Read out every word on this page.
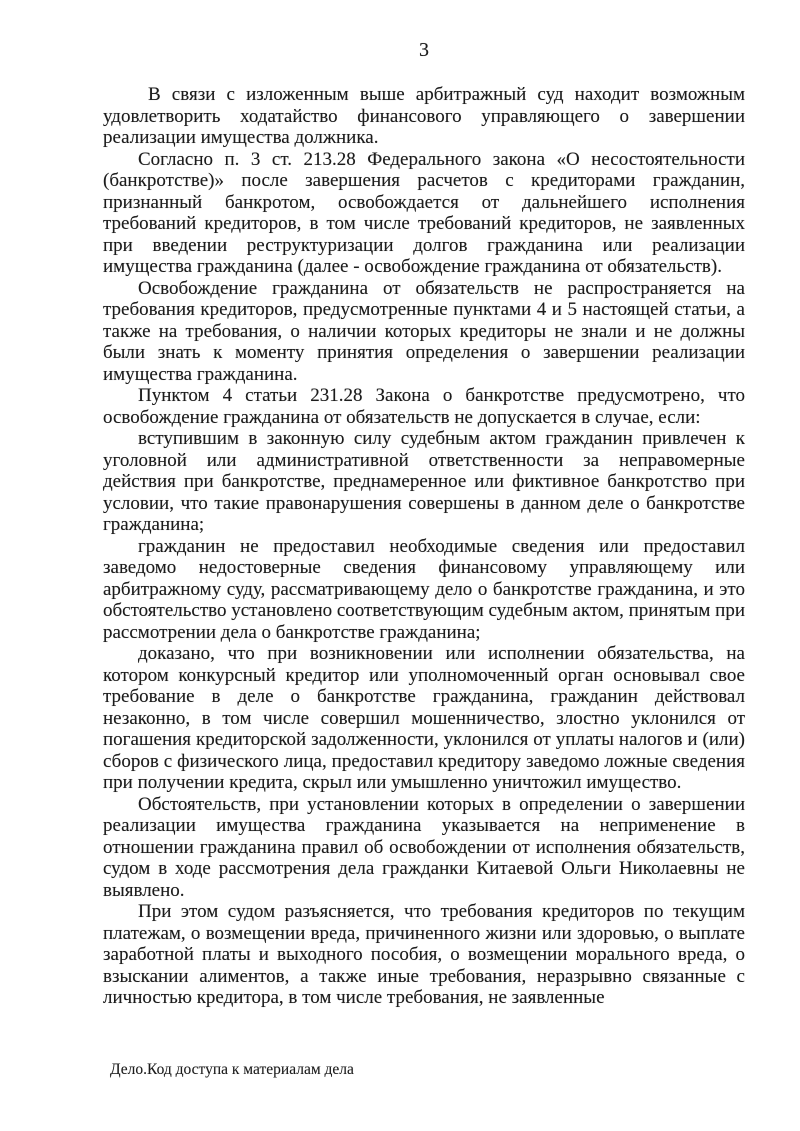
3

В связи с изложенным выше арбитражный суд находит возможным удовлетворить ходатайство финансового управляющего о завершении реализации имущества должника.

Согласно п. 3 ст. 213.28 Федерального закона «О несостоятельности (банкротстве)» после завершения расчетов с кредиторами гражданин, признанный банкротом, освобождается от дальнейшего исполнения требований кредиторов, в том числе требований кредиторов, не заявленных при введении реструктуризации долгов гражданина или реализации имущества гражданина (далее - освобождение гражданина от обязательств).

Освобождение гражданина от обязательств не распространяется на требования кредиторов, предусмотренные пунктами 4 и 5 настоящей статьи, а также на требования, о наличии которых кредиторы не знали и не должны были знать к моменту принятия определения о завершении реализации имущества гражданина.

Пунктом 4 статьи 231.28 Закона о банкротстве предусмотрено, что освобождение гражданина от обязательств не допускается в случае, если:

вступившим в законную силу судебным актом гражданин привлечен к уголовной или административной ответственности за неправомерные действия при банкротстве, преднамеренное или фиктивное банкротство при условии, что такие правонарушения совершены в данном деле о банкротстве гражданина;

гражданин не предоставил необходимые сведения или предоставил заведомо недостоверные сведения финансовому управляющему или арбитражному суду, рассматривающему дело о банкротстве гражданина, и это обстоятельство установлено соответствующим судебным актом, принятым при рассмотрении дела о банкротстве гражданина;

доказано, что при возникновении или исполнении обязательства, на котором конкурсный кредитор или уполномоченный орган основывал свое требование в деле о банкротстве гражданина, гражданин действовал незаконно, в том числе совершил мошенничество, злостно уклонился от погашения кредиторской задолженности, уклонился от уплаты налогов и (или) сборов с физического лица, предоставил кредитору заведомо ложные сведения при получении кредита, скрыл или умышленно уничтожил имущество.

Обстоятельств, при установлении которых в определении о завершении реализации имущества гражданина указывается на неприменение в отношении гражданина правил об освобождении от исполнения обязательств, судом в ходе рассмотрения дела гражданки Китаевой Ольги Николаевны не выявлено.

При этом судом разъясняется, что требования кредиторов по текущим платежам, о возмещении вреда, причиненного жизни или здоровью, о выплате заработной платы и выходного пособия, о возмещении морального вреда, о взыскании алиментов, а также иные требования, неразрывно связанные с личностью кредитора, в том числе требования, не заявленные

Дело.Код доступа к материалам дела
